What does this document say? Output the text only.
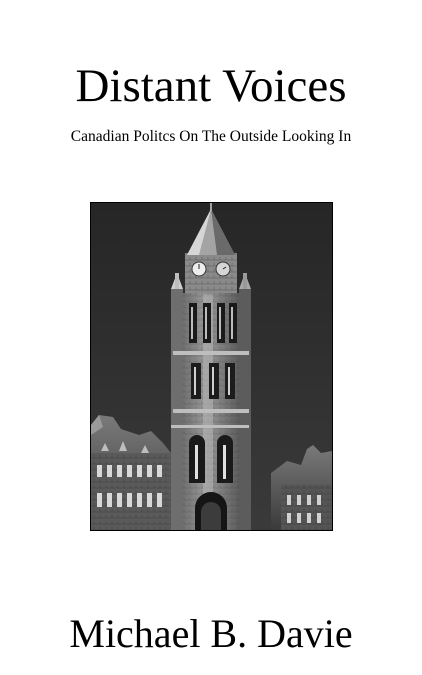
Distant Voices
Canadian Politcs On The Outside Looking In
Michael B. Davie
